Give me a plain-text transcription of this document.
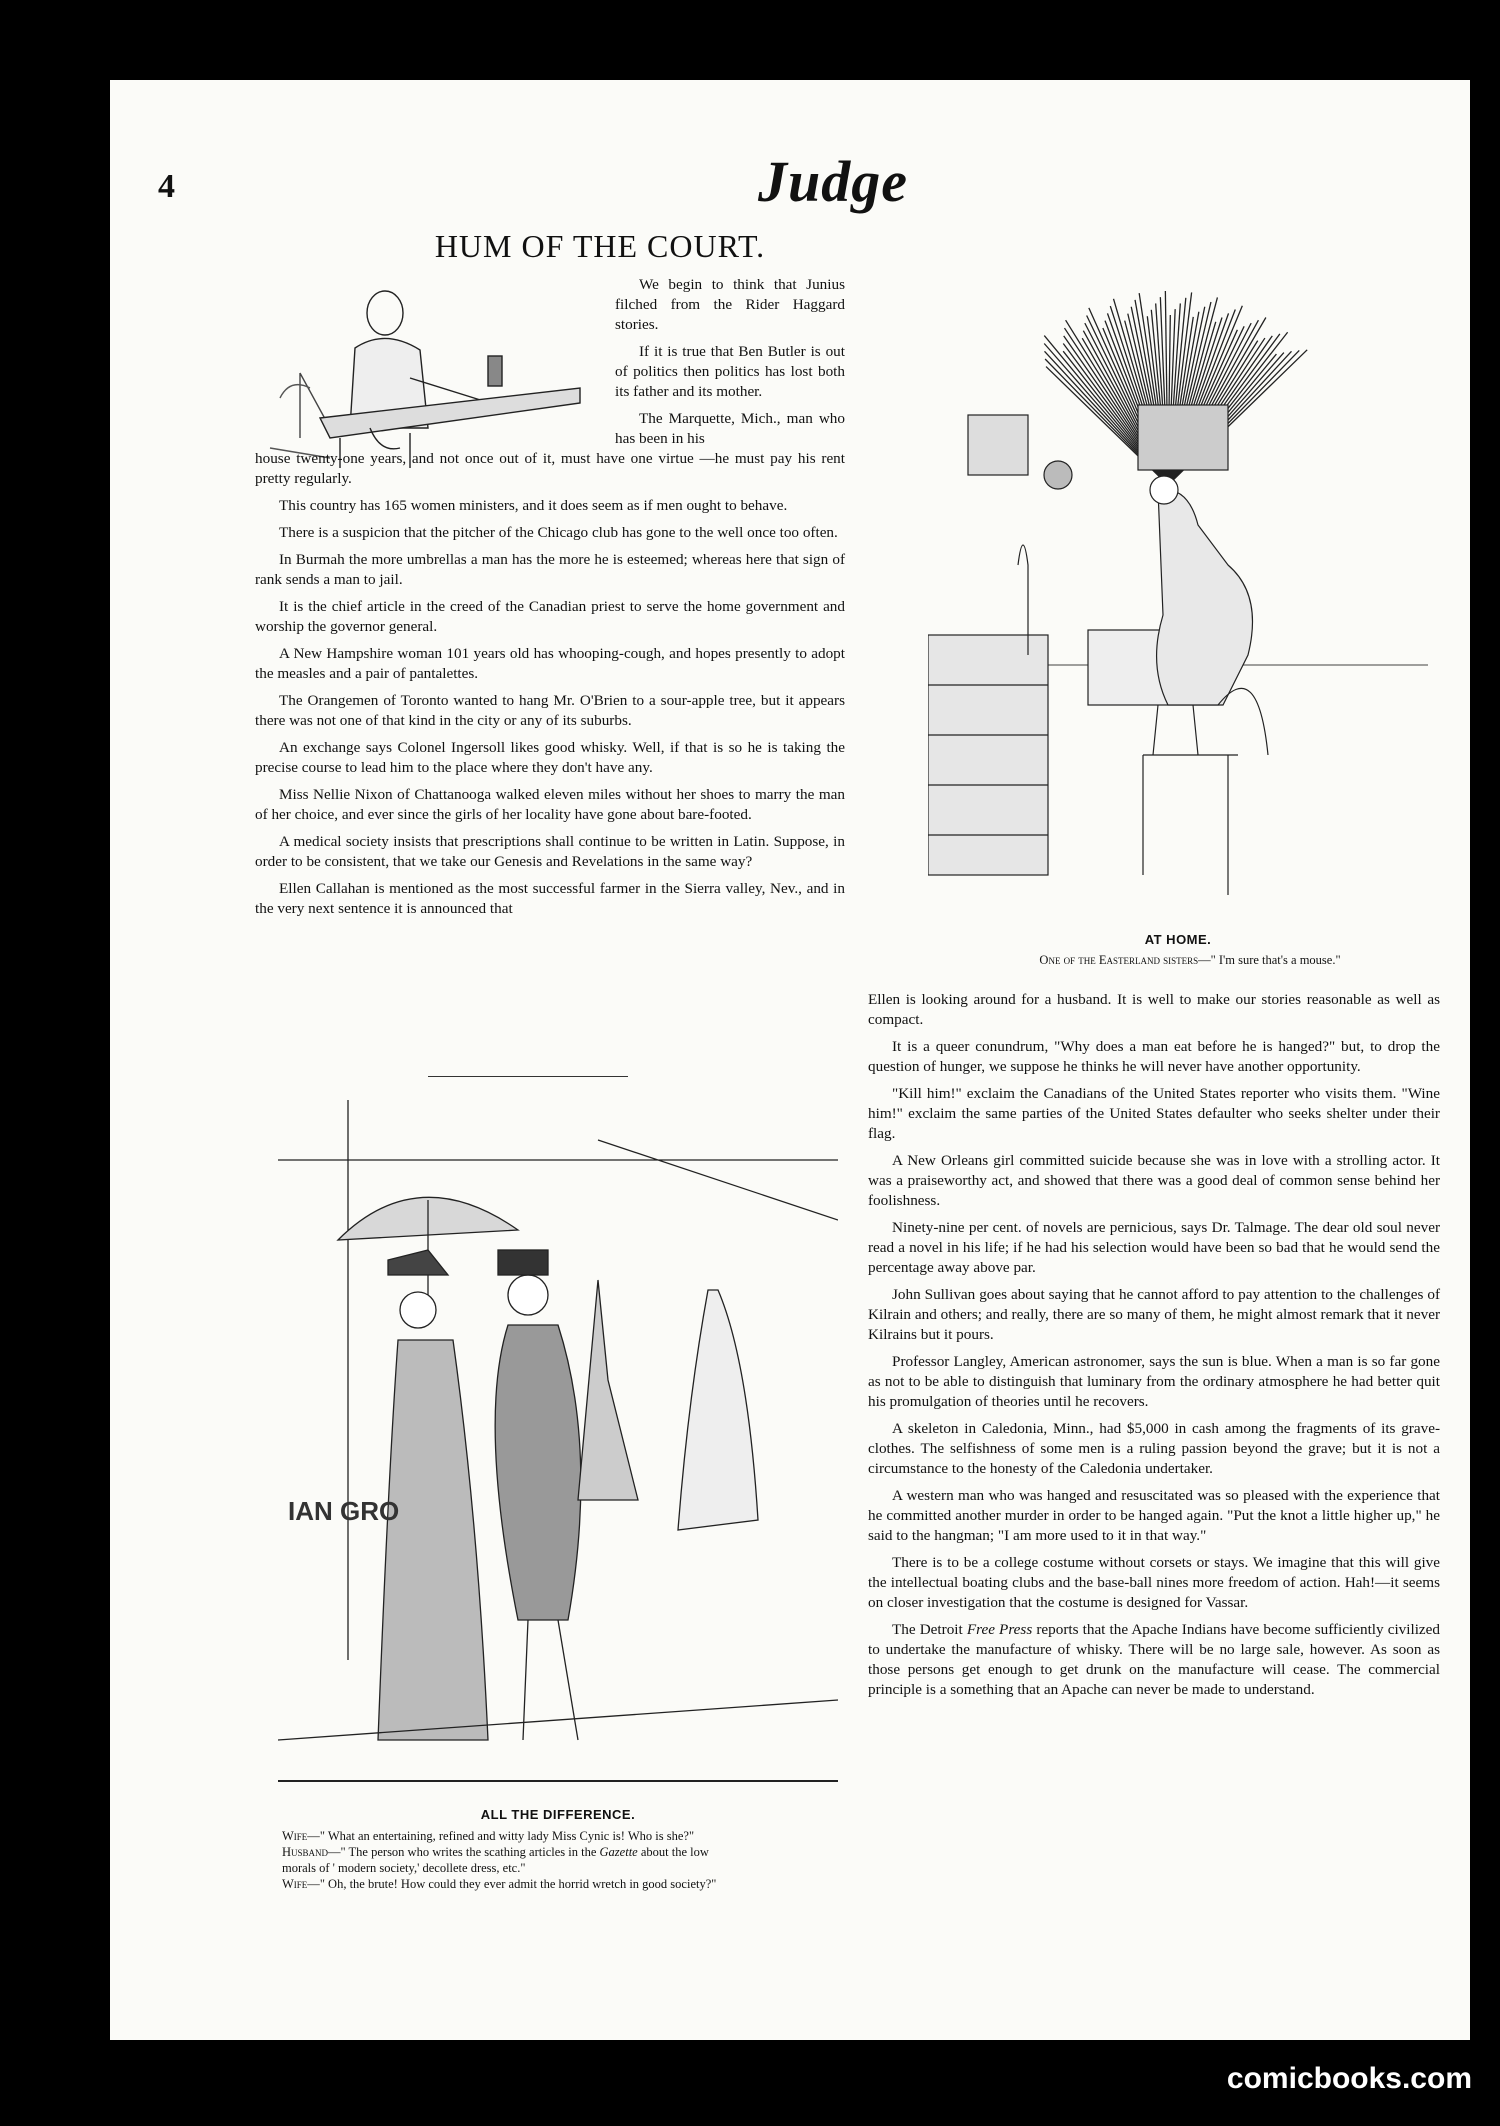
4	Judge
HUM OF THE COURT.

We begin to think that Junius filched from the Rider Haggard stories.

If it is true that Ben Butler is out of politics then politics has lost both its father and its mother.

The Marquette, Mich., man who has been in his

house twenty-one years, and not once out of it, must have one virtue —he must pay his rent pretty regularly.

This country has 165 women ministers, and it does seem as if men ought to behave.

There is a suspicion that the pitcher of the Chicago club has gone to the well once too often.

In Burmah the more umbrellas a man has the more he is esteemed; whereas here that sign of rank sends a man to jail.

It is the chief article in the creed of the Canadian priest to serve the home government and worship the governor general.

A New Hampshire woman 101 years old has whooping-cough, and hopes presently to adopt the measles and a pair of pantalettes.

The Orangemen of Toronto wanted to hang Mr. O'Brien to a sour-apple tree, but it appears there was not one of that kind in the city or any of its suburbs.

An exchange says Colonel Ingersoll likes good whisky. Well, if that is so he is taking the precise course to lead him to the place where they don't have any.

Miss Nellie Nixon of Chattanooga walked eleven miles without her shoes to marry the man of her choice, and ever since the girls of her locality have gone about bare-footed.

A medical society insists that prescriptions shall continue to be written in Latin. Suppose, in order to be consistent, that we take our Genesis and Revelations in the same way?

Ellen Callahan is mentioned as the most successful farmer in the Sierra valley, Nev., and in the very next sentence it is announced that

AT HOME.
One of the Easterland sisters—" I'm sure that's a mouse."

Ellen is looking around for a husband. It is well to make our stories reasonable as well as compact.

It is a queer conundrum, "Why does a man eat before he is hanged?" but, to drop the question of hunger, we suppose he thinks he will never have another opportunity.

"Kill him!" exclaim the Canadians of the United States reporter who visits them. "Wine him!" exclaim the same parties of the United States defaulter who seeks shelter under their flag.

A New Orleans girl committed suicide because she was in love with a strolling actor. It was a praiseworthy act, and showed that there was a good deal of common sense behind her foolishness.

Ninety-nine per cent. of novels are pernicious, says Dr. Talmage. The dear old soul never read a novel in his life; if he had his selection would have been so bad that he would send the percentage away above par.

John Sullivan goes about saying that he cannot afford to pay attention to the challenges of Kilrain and others; and really, there are so many of them, he might almost remark that it never Kilrains but it pours.

Professor Langley, American astronomer, says the sun is blue. When a man is so far gone as not to be able to distinguish that luminary from the ordinary atmosphere he had better quit his promulgation of theories until he recovers.

A skeleton in Caledonia, Minn., had $5,000 in cash among the fragments of its grave-clothes. The selfishness of some men is a ruling passion beyond the grave; but it is not a circumstance to the honesty of the Caledonia undertaker.

A western man who was hanged and resuscitated was so pleased with the experience that he committed another murder in order to be hanged again. "Put the knot a little higher up," he said to the hangman; "I am more used to it in that way."

There is to be a college costume without corsets or stays. We imagine that this will give the intellectual boating clubs and the base-ball nines more freedom of action. Hah!—it seems on closer investigation that the costume is designed for Vassar.

The Detroit Free Press reports that the Apache Indians have become sufficiently civilized to undertake the manufacture of whisky. There will be no large sale, however. As soon as those persons get enough to get drunk on the manufacture will cease. The commercial principle is a something that an Apache can never be made to understand.

IAN GRO
ALL THE DIFFERENCE.
Wife—" What an entertaining, refined and witty lady Miss Cynic is! Who is she?"
Husband—" The person who writes the scathing articles in the Gazette about the low
morals of ' modern society,' decollete dress, etc."
Wife—" Oh, the brute! How could they ever admit the horrid wretch in good society?"
comicbooks.com
